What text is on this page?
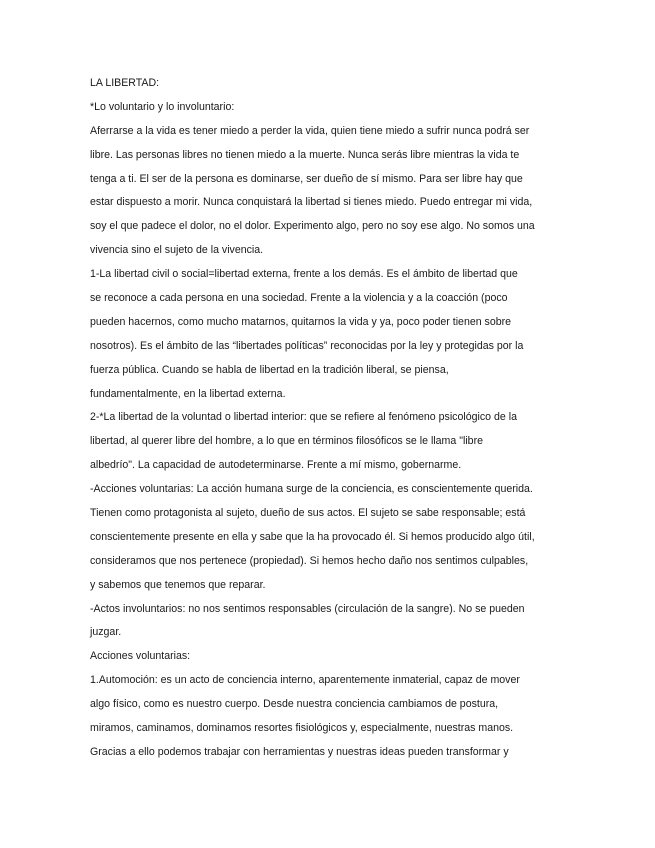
LA LIBERTAD:
*Lo voluntario y lo involuntario:
Aferrarse a la vida es tener miedo a perder la vida, quien tiene miedo a sufrir nunca podrá ser
libre. Las personas libres no tienen miedo a la muerte. Nunca serás libre mientras la vida te
tenga a ti. El ser de la persona es dominarse, ser dueño de sí mismo. Para ser libre hay que
estar dispuesto a morir. Nunca conquistará la libertad si tienes miedo. Puedo entregar mi vida,
soy el que padece el dolor, no el dolor. Experimento algo, pero no soy ese algo. No somos una
vivencia sino el sujeto de la vivencia.
1-La libertad civil o social=libertad externa, frente a los demás. Es el ámbito de libertad que
se reconoce a cada persona en una sociedad. Frente a la violencia y a la coacción (poco
pueden hacernos, como mucho matarnos, quitarnos la vida y ya, poco poder tienen sobre
nosotros). Es el ámbito de las “libertades políticas” reconocidas por la ley y protegidas por la
fuerza pública. Cuando se habla de libertad en la tradición liberal, se piensa,
fundamentalmente, en la libertad externa.
2-*La libertad de la voluntad o libertad interior: que se refiere al fenómeno psicológico de la
libertad, al querer libre del hombre, a lo que en términos filosóficos se le llama "libre
albedrío". La capacidad de autodeterminarse. Frente a mí mismo, gobernarme.
-Acciones voluntarias: La acción humana surge de la conciencia, es conscientemente querida.
Tienen como protagonista al sujeto, dueño de sus actos. El sujeto se sabe responsable; está
conscientemente presente en ella y sabe que la ha provocado él. Si hemos producido algo útil,
consideramos que nos pertenece (propiedad). Si hemos hecho daño nos sentimos culpables,
y sabemos que tenemos que reparar.
-Actos involuntarios: no nos sentimos responsables (circulación de la sangre). No se pueden
juzgar.
Acciones voluntarias:
1.Automoción: es un acto de conciencia interno, aparentemente inmaterial, capaz de mover
algo físico, como es nuestro cuerpo. Desde nuestra conciencia cambiamos de postura,
miramos, caminamos, dominamos resortes fisiológicos y, especialmente, nuestras manos.
Gracias a ello podemos trabajar con herramientas y nuestras ideas pueden transformar y
